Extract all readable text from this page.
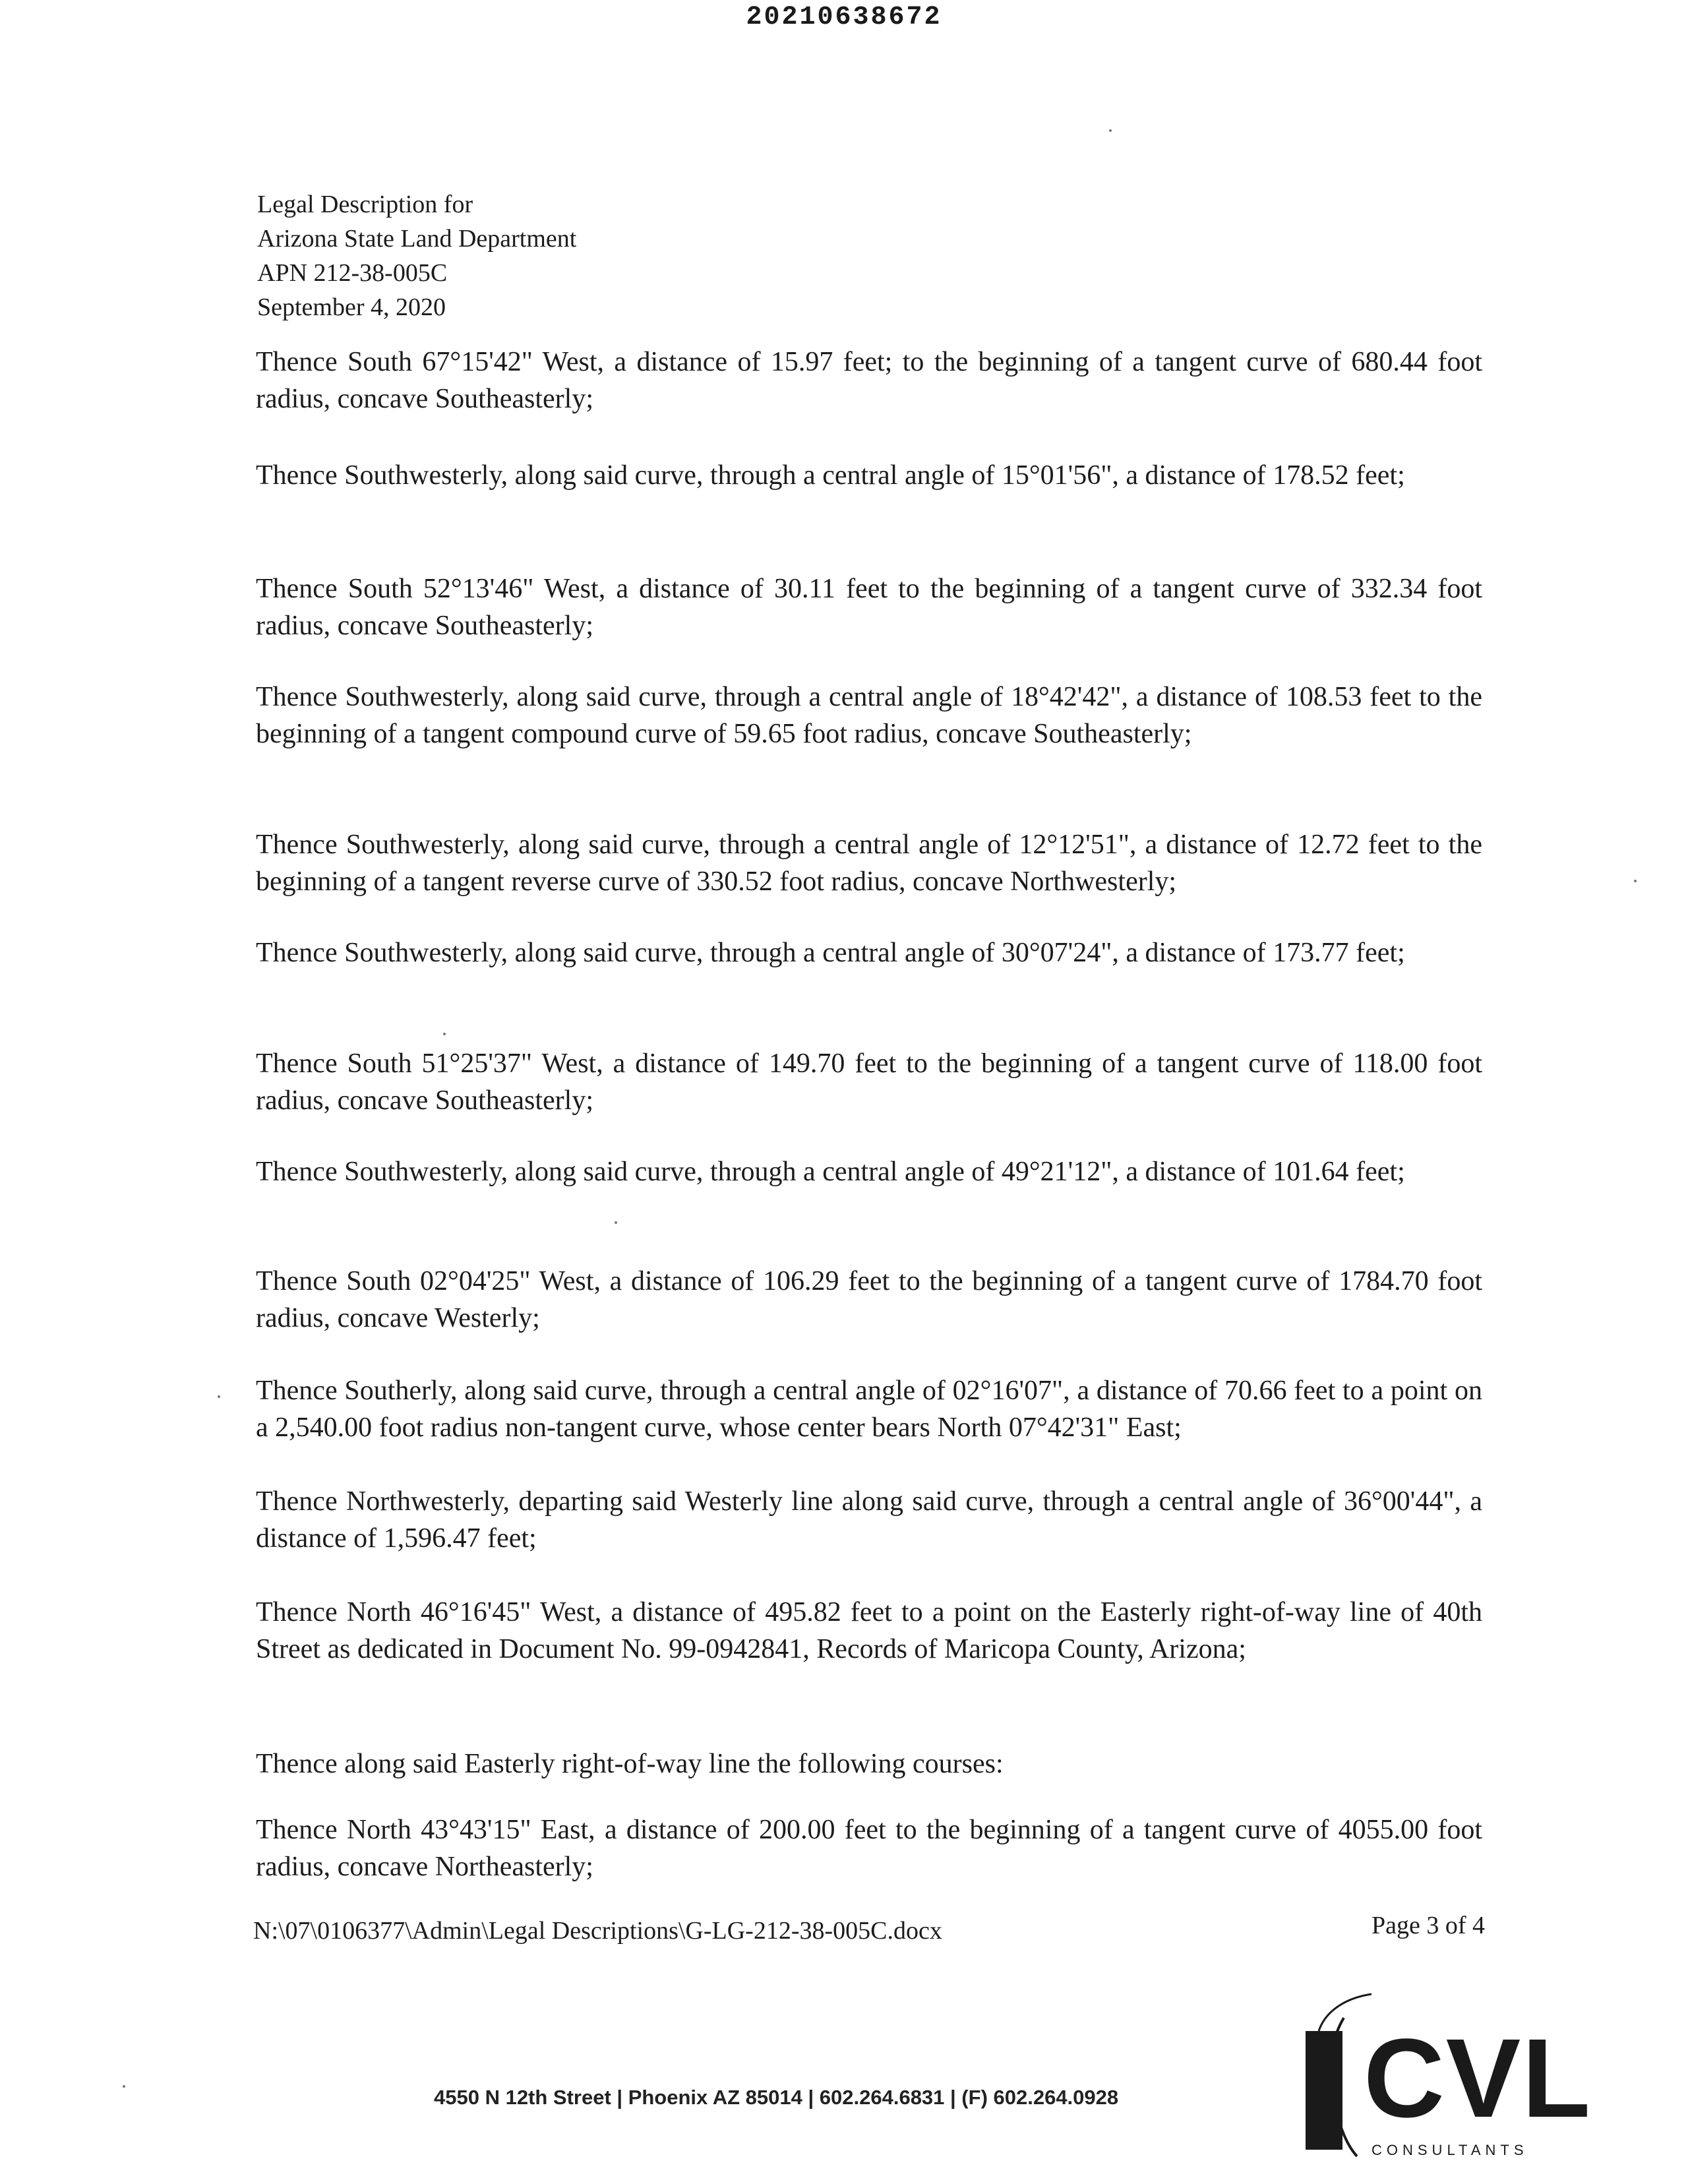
20210638672
Legal Description for
Arizona State Land Department
APN 212-38-005C
September 4, 2020

Thence South 67°15'42" West, a distance of 15.97 feet; to the beginning of a tangent curve of 680.44 foot radius, concave Southeasterly;

Thence Southwesterly, along said curve, through a central angle of 15°01'56", a distance of 178.52 feet;

Thence South 52°13'46" West, a distance of 30.11 feet to the beginning of a tangent curve of 332.34 foot radius, concave Southeasterly;

Thence Southwesterly, along said curve, through a central angle of 18°42'42", a distance of 108.53 feet to the beginning of a tangent compound curve of 59.65 foot radius, concave Southeasterly;

Thence Southwesterly, along said curve, through a central angle of 12°12'51", a distance of 12.72 feet to the beginning of a tangent reverse curve of 330.52 foot radius, concave Northwesterly;

Thence Southwesterly, along said curve, through a central angle of 30°07'24", a distance of 173.77 feet;

Thence South 51°25'37" West, a distance of 149.70 feet to the beginning of a tangent curve of 118.00 foot radius, concave Southeasterly;

Thence Southwesterly, along said curve, through a central angle of 49°21'12", a distance of 101.64 feet;

Thence South 02°04'25" West, a distance of 106.29 feet to the beginning of a tangent curve of 1784.70 foot radius, concave Westerly;

Thence Southerly, along said curve, through a central angle of 02°16'07", a distance of 70.66 feet to a point on a 2,540.00 foot radius non-tangent curve, whose center bears North 07°42'31" East;

Thence Northwesterly, departing said Westerly line along said curve, through a central angle of 36°00'44", a distance of 1,596.47 feet;

Thence North 46°16'45" West, a distance of 495.82 feet to a point on the Easterly right-of-way line of 40th Street as dedicated in Document No. 99-0942841, Records of Maricopa County, Arizona;

Thence along said Easterly right-of-way line the following courses:

Thence North 43°43'15" East, a distance of 200.00 feet to the beginning of a tangent curve of 4055.00 foot radius, concave Northeasterly;

N:\07\0106377\Admin\Legal Descriptions\G-LG-212-38-005C.docx	Page 3 of 4
4550 N 12th Street | Phoenix AZ 85014 | 602.264.6831 | (F) 602.264.0928 CVL
CONSULTANTS
